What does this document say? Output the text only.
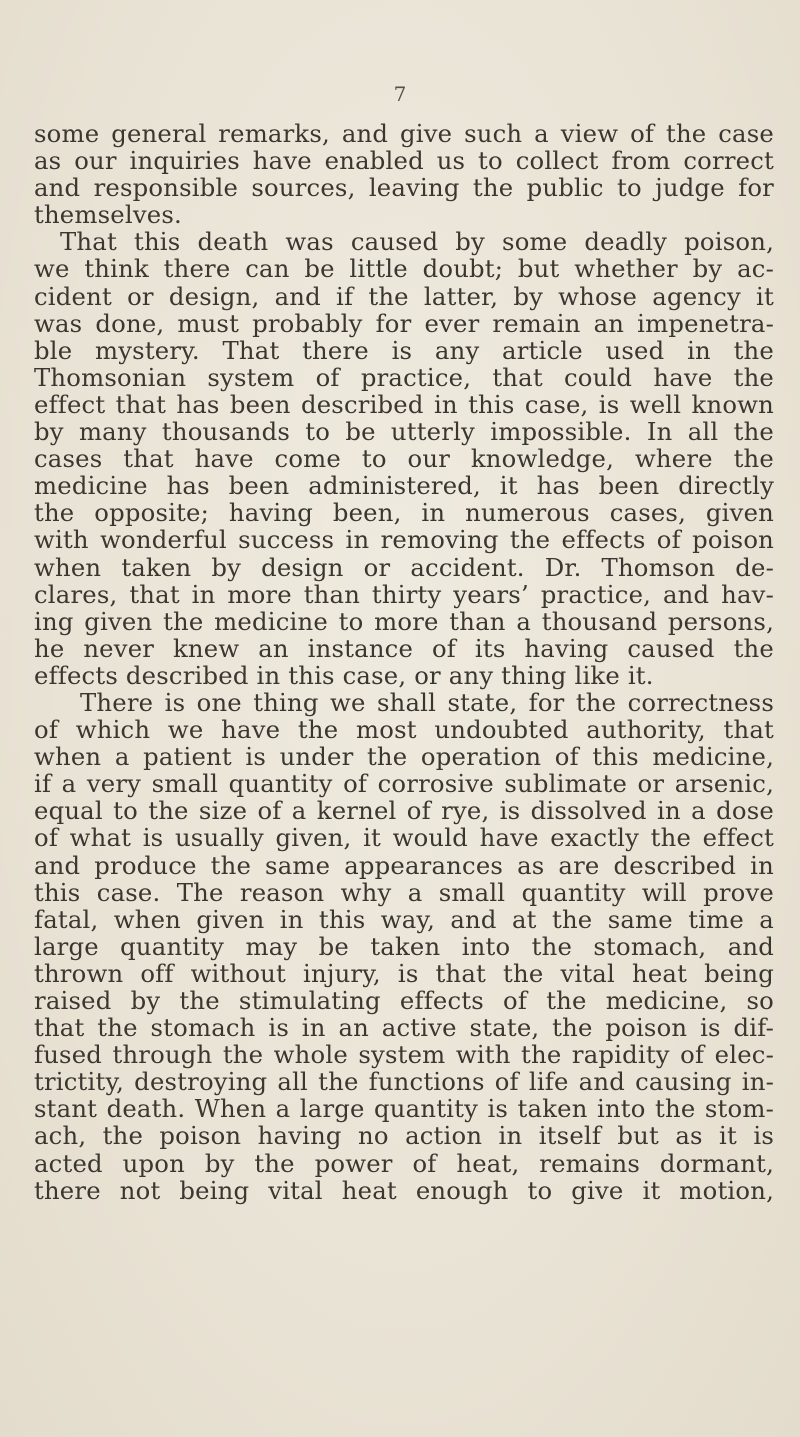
7
some general remarks, and give such a view of the case
as our inquiries have enabled us to collect from correct
and responsible sources, leaving the public to judge for
themselves.
That this death was caused by some deadly poison,
we think there can be little doubt; but whether by ac-
cident or design, and if the latter, by whose agency it
was done, must probably for ever remain an impenetra-
ble mystery. That there is any article used in the
Thomsonian system of practice, that could have the
effect that has been described in this case, is well known
by many thousands to be utterly impossible. In all the
cases that have come to our knowledge, where the
medicine has been administered, it has been directly
the opposite; having been, in numerous cases, given
with wonderful success in removing the effects of poison
when taken by design or accident. Dr. Thomson de-
clares, that in more than thirty years’ practice, and hav-
ing given the medicine to more than a thousand persons,
he never knew an instance of its having caused the
effects described in this case, or any thing like it.
There is one thing we shall state, for the correctness
of which we have the most undoubted authority, that
when a patient is under the operation of this medicine,
if a very small quantity of corrosive sublimate or arsenic,
equal to the size of a kernel of rye, is dissolved in a dose
of what is usually given, it would have exactly the effect
and produce the same appearances as are described in
this case. The reason why a small quantity will prove
fatal, when given in this way, and at the same time a
large quantity may be taken into the stomach, and
thrown off without injury, is that the vital heat being
raised by the stimulating effects of the medicine, so
that the stomach is in an active state, the poison is dif-
fused through the whole system with the rapidity of elec-
trictity, destroying all the functions of life and causing in-
stant death. When a large quantity is taken into the stom-
ach, the poison having no action in itself but as it is
acted upon by the power of heat, remains dormant,
there not being vital heat enough to give it motion,
